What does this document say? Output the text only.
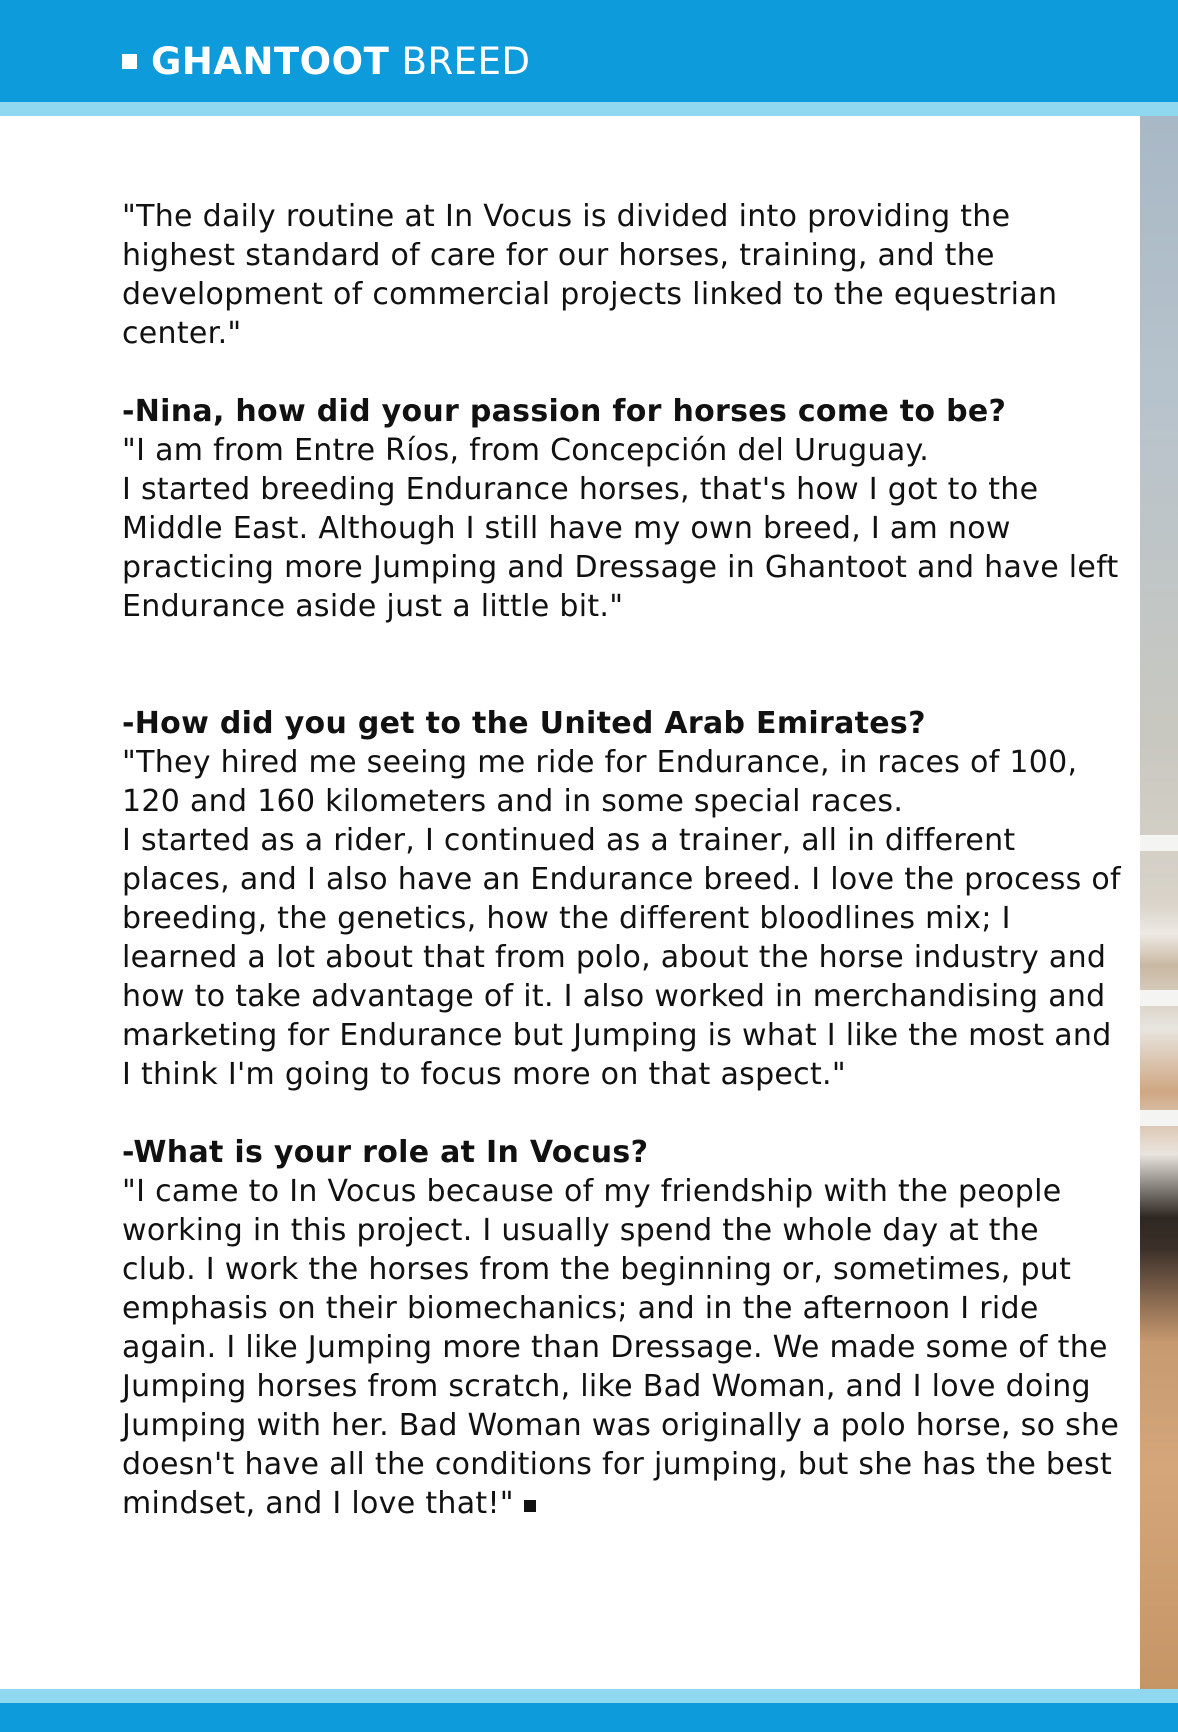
GHANTOOT BREED

"The daily routine at In Vocus is divided into providing the highest standard of care for our horses, training, and the development of commercial projects linked to the equestrian center."

-Nina, how did your passion for horses come to be?

"I am from Entre Ríos, from Concepción del Uruguay.

I started breeding Endurance horses, that's how I got to the Middle East. Although I still have my own breed, I am now practicing more Jumping and Dressage in Ghantoot and have left Endurance aside just a little bit."

-How did you get to the United Arab Emirates?

"They hired me seeing me ride for Endurance, in races of 100, 120 and 160 kilometers and in some special races.

I started as a rider, I continued as a trainer, all in different places, and I also have an Endurance breed. I love the process of breeding, the genetics, how the different bloodlines mix; I learned a lot about that from polo, about the horse industry and how to take advantage of it. I also worked in merchandising and marketing for Endurance but Jumping is what I like the most and I think I'm going to focus more on that aspect."

-What is your role at In Vocus?

"I came to In Vocus because of my friendship with the people working in this project. I usually spend the whole day at the club. I work the horses from the beginning or, sometimes, put emphasis on their biomechanics; and in the afternoon I ride again. I like Jumping more than Dressage. We made some of the Jumping horses from scratch, like Bad Woman, and I love doing Jumping with her. Bad Woman was originally a polo horse, so she doesn't have all the conditions for jumping, but she has the best mindset, and I love that!"
